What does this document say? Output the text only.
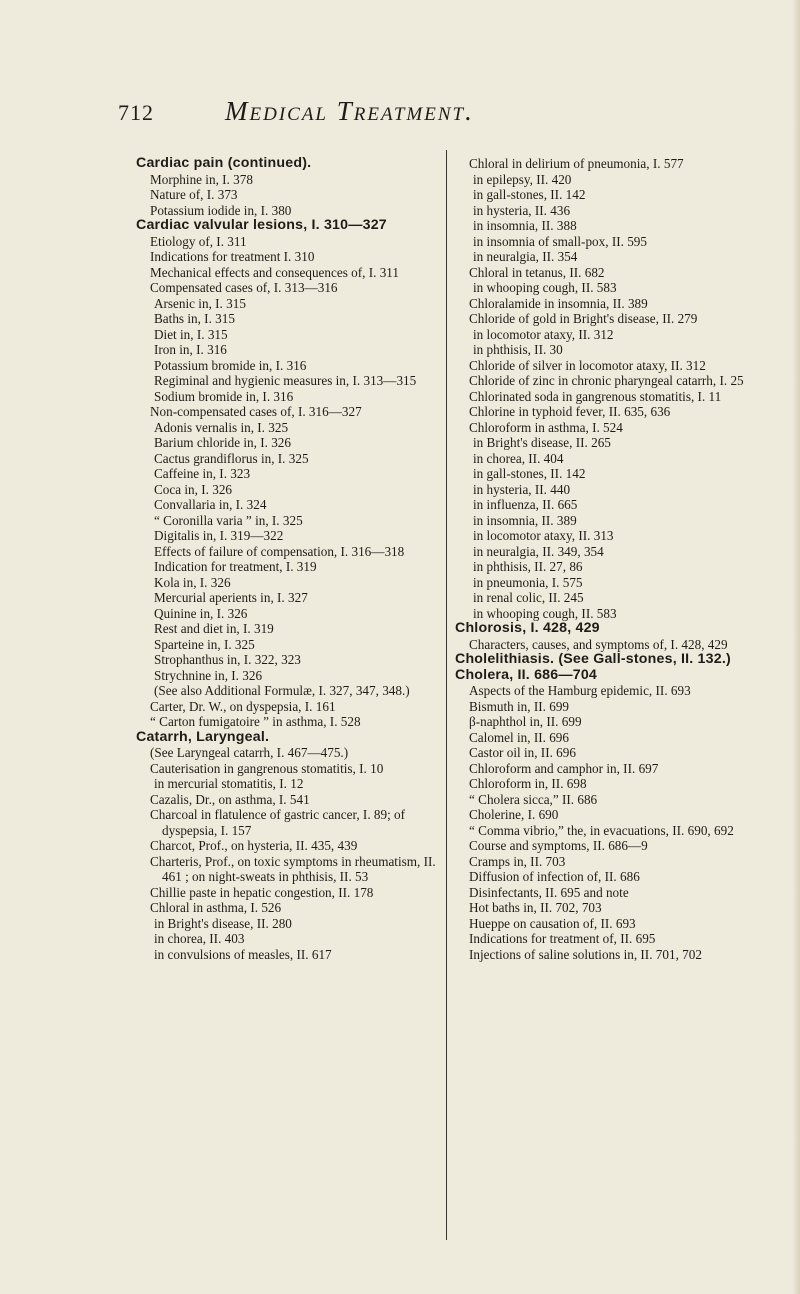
712	Medical Treatment.
Cardiac pain (continued).
Morphine in, I. 378
Nature of, I. 373
Potassium iodide in, I. 380
Cardiac valvular lesions, I. 310—327
Etiology of, I. 311
Indications for treatment I. 310
Mechanical effects and consequences of, I. 311
Compensated cases of, I. 313—316
Arsenic in, I. 315
Baths in, I. 315
Diet in, I. 315
Iron in, I. 316
Potassium bromide in, I. 316
Regiminal and hygienic measures in, I. 313—315
Sodium bromide in, I. 316
Non-compensated cases of, I. 316—327
Adonis vernalis in, I. 325
Barium chloride in, I. 326
Cactus grandiflorus in, I. 325
Caffeine in, I. 323
Coca in, I. 326
Convallaria in, I. 324
“ Coronilla varia ” in, I. 325
Digitalis in, I. 319—322
Effects of failure of compensation, I. 316—318
Indication for treatment, I. 319
Kola in, I. 326
Mercurial aperients in, I. 327
Quinine in, I. 326
Rest and diet in, I. 319
Sparteine in, I. 325
Strophanthus in, I. 322, 323
Strychnine in, I. 326
(See also Additional Formulæ, I. 327, 347, 348.)
Carter, Dr. W., on dyspepsia, I. 161
“ Carton fumigatoire ” in asthma, I. 528
Catarrh, Laryngeal.
(See Laryngeal catarrh, I. 467—475.)
Cauterisation in gangrenous stomatitis, I. 10
in mercurial stomatitis, I. 12
Cazalis, Dr., on asthma, I. 541
Charcoal in flatulence of gastric cancer, I. 89; of dyspepsia, I. 157
Charcot, Prof., on hysteria, II. 435, 439
Charteris, Prof., on toxic symptoms in rheumatism, II. 461 ; on night-sweats in phthisis, II. 53
Chillie paste in hepatic congestion, II. 178
Chloral in asthma, I. 526
in Bright's disease, II. 280
in chorea, II. 403
in convulsions of measles, II. 617
Chloral in delirium of pneumonia, I. 577
in epilepsy, II. 420
in gall-stones, II. 142
in hysteria, II. 436
in insomnia, II. 388
in insomnia of small-pox, II. 595
in neuralgia, II. 354
Chloral in tetanus, II. 682
in whooping cough, II. 583
Chloralamide in insomnia, II. 389
Chloride of gold in Bright's disease, II. 279
in locomotor ataxy, II. 312
in phthisis, II. 30
Chloride of silver in locomotor ataxy, II. 312
Chloride of zinc in chronic pharyngeal catarrh, I. 25
Chlorinated soda in gangrenous stomatitis, I. 11
Chlorine in typhoid fever, II. 635, 636
Chloroform in asthma, I. 524
in Bright's disease, II. 265
in chorea, II. 404
in gall-stones, II. 142
in hysteria, II. 440
in influenza, II. 665
in insomnia, II. 389
in locomotor ataxy, II. 313
in neuralgia, II. 349, 354
in phthisis, II. 27, 86
in pneumonia, I. 575
in renal colic, II. 245
in whooping cough, II. 583
Chlorosis, I. 428, 429
Characters, causes, and symptoms of, I. 428, 429
Cholelithiasis. (See Gall-stones, II. 132.)
Cholera, II. 686—704
Aspects of the Hamburg epidemic, II. 693
Bismuth in, II. 699
β-naphthol in, II. 699
Calomel in, II. 696
Castor oil in, II. 696
Chloroform and camphor in, II. 697
Chloroform in, II. 698
“ Cholera sicca,” II. 686
Cholerine, I. 690
“ Comma vibrio,” the, in evacuations, II. 690, 692
Course and symptoms, II. 686—9
Cramps in, II. 703
Diffusion of infection of, II. 686
Disinfectants, II. 695 and note
Hot baths in, II. 702, 703
Hueppe on causation of, II. 693
Indications for treatment of, II. 695
Injections of saline solutions in, II. 701, 702
